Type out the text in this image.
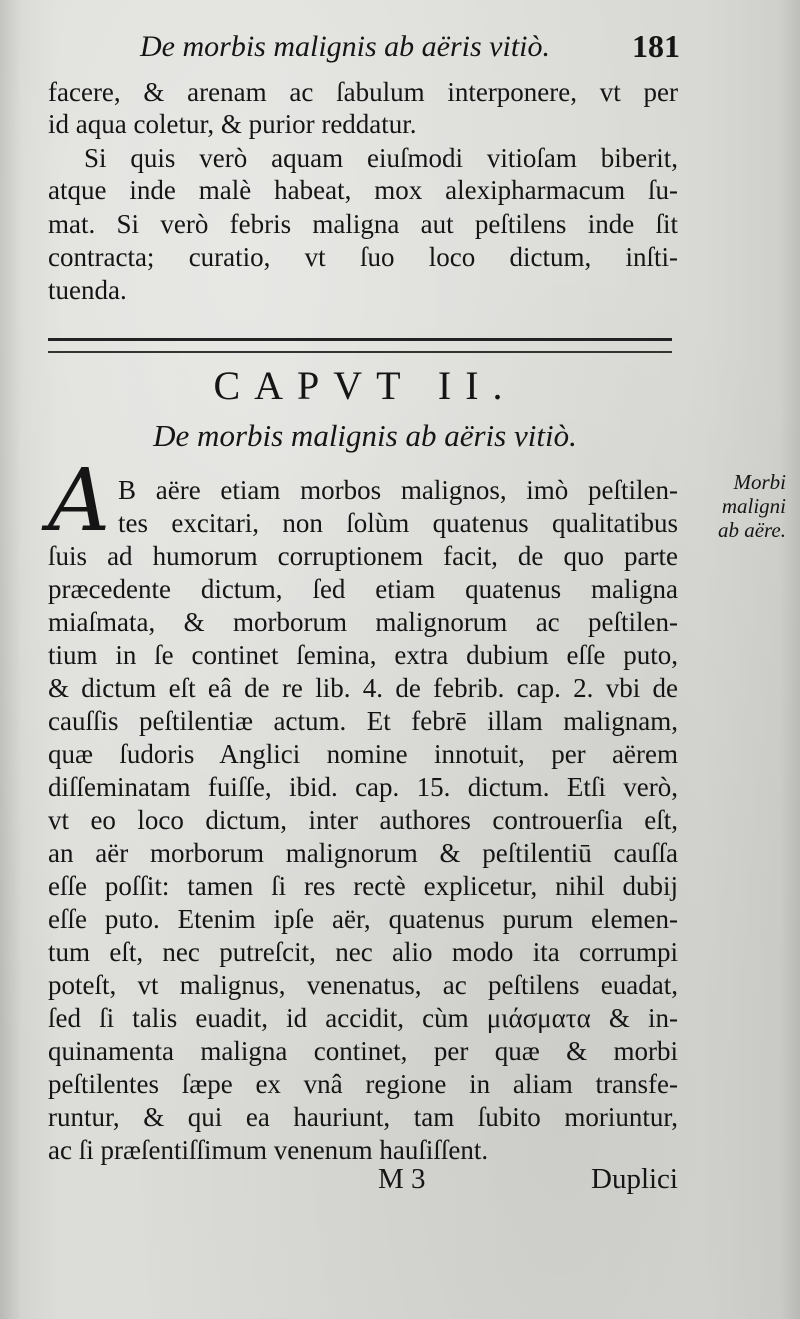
De morbis malignis ab aëris vitiò.	181
facere, & arenam ac ſabulum interponere, vt per
id aqua coletur, & purior reddatur.
Si quis verò aquam eiuſmodi vitioſam biberit,
atque inde malè habeat, mox alexipharmacum ſu-
mat. Si verò febris maligna aut peſtilens inde ſit
contracta; curatio, vt ſuo loco dictum, inſti-
tuenda.
CAPVT II.
De morbis malignis ab aëris vitiò.
A	Morbi
maligni
ab aëre.
B aëre etiam morbos malignos, imò peſtilen-
tes excitari, non ſolùm quatenus qualitatibus
ſuis ad humorum corruptionem facit, de quo parte
præcedente dictum, ſed etiam quatenus maligna
miaſmata, & morborum malignorum ac peſtilen-
tium in ſe continet ſemina, extra dubium eſſe puto,
& dictum eſt eâ de re lib. 4. de febrib. cap. 2. vbi de
cauſſis peſtilentiæ actum. Et febrē illam malignam,
quæ ſudoris Anglici nomine innotuit, per aërem
diſſeminatam fuiſſe, ibid. cap. 15. dictum. Etſi verò,
vt eo loco dictum, inter authores controuerſia eſt,
an aër morborum malignorum & peſtilentiū cauſſa
eſſe poſſit: tamen ſi res rectè explicetur, nihil dubij
eſſe puto. Etenim ipſe aër, quatenus purum elemen-
tum eſt, nec putreſcit, nec alio modo ita corrumpi
poteſt, vt malignus, venenatus, ac peſtilens euadat,
ſed ſi talis euadit, id accidit, cùm μιάσματα & in-
quinamenta maligna continet, per quæ & morbi
peſtilentes ſæpe ex vnâ regione in aliam transfe-
runtur, & qui ea hauriunt, tam ſubito moriuntur,
ac ſi præſentiſſimum venenum hauſiſſent.
M 3	Duplici
